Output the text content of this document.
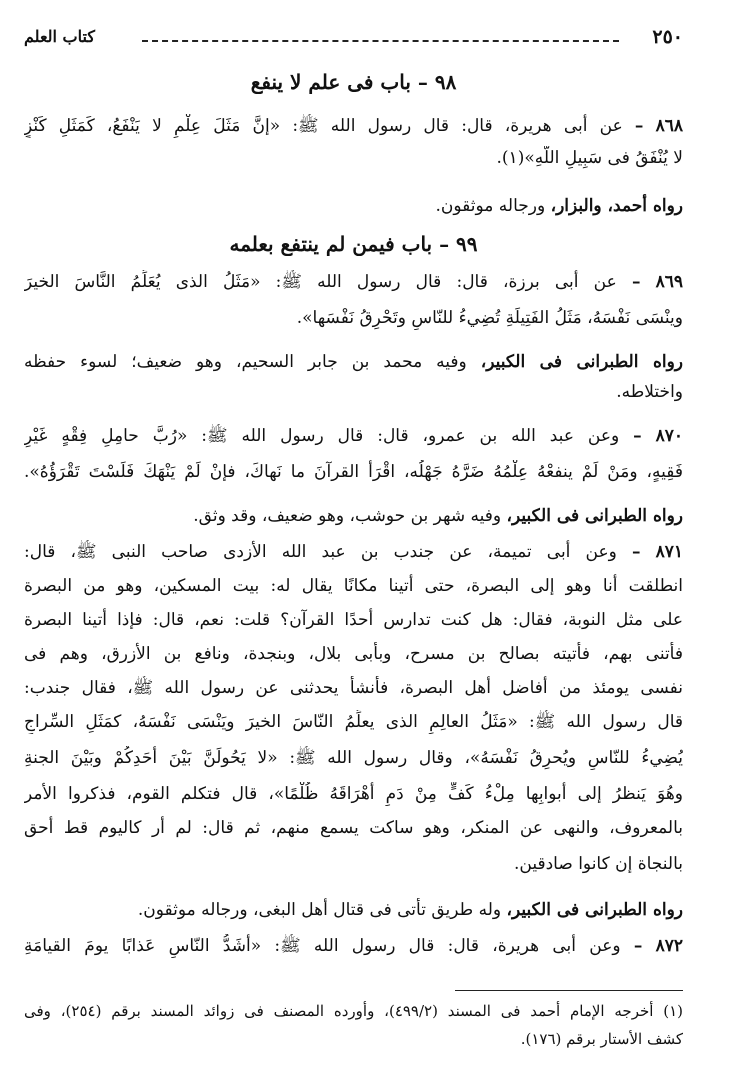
٢٥٠
كتاب العلم
٩٨ – باب فى علم لا ينفع
٨٦٨ – عن أبى هريرة، قال: قال رسول الله ﷺ: «إنَّ مَثَلَ عِلْمٍ لا يَنْفَعُ، كَمَثَلِ كَنْزٍ
لا يُنْفَقُ فى سَبِيلِ اللَّهِ»(١).
رواه أحمد، والبزار، ورجاله موثقون.
٩٩ – باب فيمن لم ينتفع بعلمه
٨٦٩ – عن أبى برزة، قال: قال رسول الله ﷺ: «مَثَلُ الذى يُعَلِّمُ النَّاسَ الخيرَ
وينْسَى نَفْسَهُ، مَثَلُ الفَتِيلَةِ تُضِيءُ للنّاسِ وتَحْرِقُ نَفْسَها».
رواه الطبرانى فى الكبير، وفيه محمد بن جابر السحيم، وهو ضعيف؛ لسوء حفظه
واختلاطه.
٨٧٠ – وعن عبد الله بن عمرو، قال: قال رسول الله ﷺ: «رُبَّ حامِلِ فِقْهٍ غَيْرِ
فَقِيهٍ، ومَنْ لَمْ ينفعْهُ عِلْمُهُ ضَرَّهُ جَهْلُه، اقْرَأ القرآنَ ما نَهاكَ، فإنْ لَمْ يَنْهَكَ فَلَسْتَ تَقْرَؤُهُ».
رواه الطبرانى فى الكبير، وفيه شهر بن حوشب، وهو ضعيف، وقد وثق.
٨٧١ – وعن أبى تميمة، عن جندب بن عبد الله الأزدى صاحب النبى ﷺ، قال:
انطلقت أنا وهو إلى البصرة، حتى أتينا مكانًا يقال له: بيت المسكين، وهو من البصرة
على مثل النوبة، فقال: هل كنت تدارس أحدًا القرآن؟ قلت: نعم، قال: فإذا أتينا البصرة
فأتنى بهم، فأتيته بصالح بن مسرح، وبأبى بلال، وبنجدة، ونافع بن الأزرق، وهم فى
نفسى يومئذ من أفاضل أهل البصرة، فأنشأ يحدثنى عن رسول الله ﷺ، فقال جندب:
قال رسول الله ﷺ: «مَثَلُ العالِمِ الذى يعلِّمُ النّاسَ الخيرَ ويَنْسَى نَفْسَهُ، كمَثَلِ السِّراجِ
يُضِيءُ للنّاسِ ويُحرِقُ نَفْسَهُ»، وقال رسول الله ﷺ: «لا يَحُولَنَّ بَيْنَ أَحَدِكُمْ وبَيْنَ الجنةِ
وهُوَ يَنظرُ إلى أبوابِها مِلْءُ كَفٍّ مِنْ دَمِ أهْرَاقَهُ ظُلْمًا»، قال فتكلم القوم، فذكروا الأمر
بالمعروف، والنهى عن المنكر، وهو ساكت يسمع منهم، ثم قال: لم أر كاليوم قط أحق
بالنجاة إن كانوا صادقين.
رواه الطبرانى فى الكبير، وله طريق تأتى فى قتال أهل البغى، ورجاله موثقون.
٨٧٢ – وعن أبى هريرة، قال: قال رسول الله ﷺ: «أشَدُّ النّاسِ عَذابًا يومَ القيامَةِ
(١) أخرجه الإمام أحمد فى المسند (٤٩٩/٢)، وأورده المصنف فى زوائد المسند برقم (٢٥٤)، وفى
كشف الأستار برقم (١٧٦).
